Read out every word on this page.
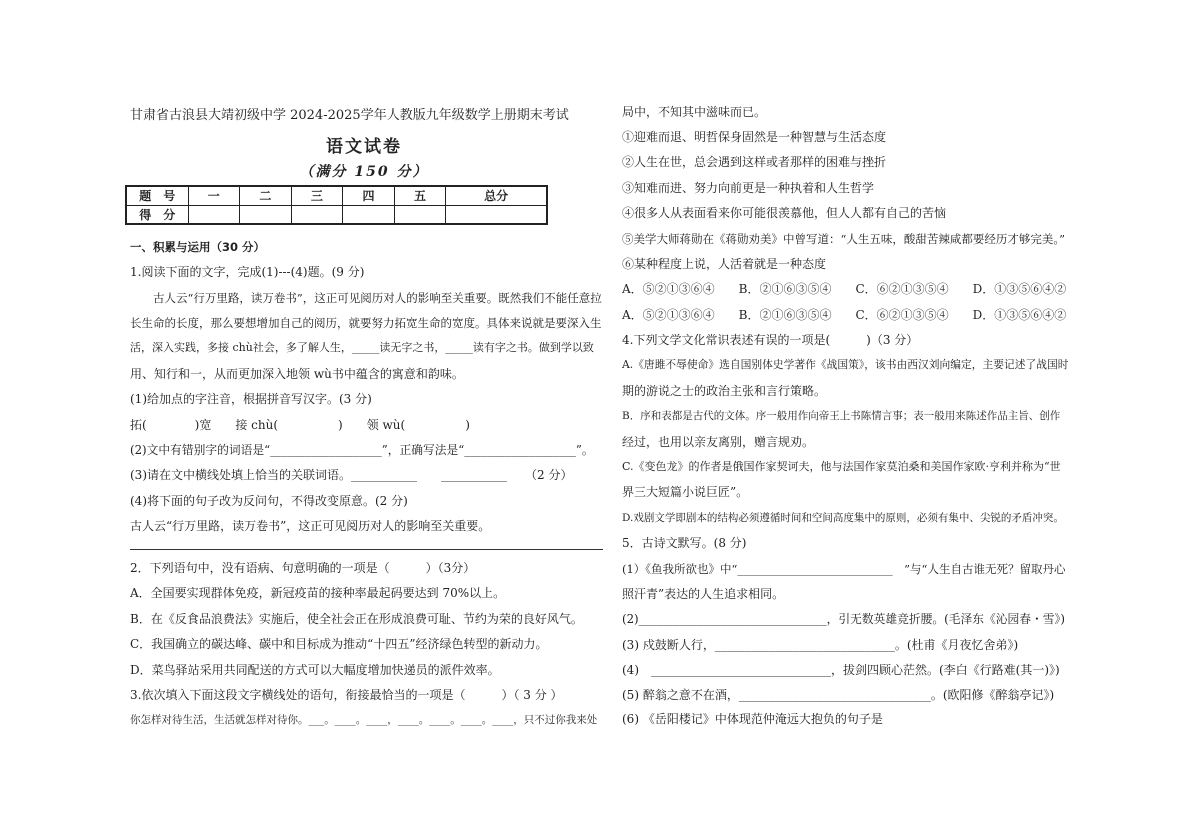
甘肃省古浪县大靖初级中学 2024-2025学年人教版九年级数学上册期末考试
语文试卷
（满分 150 分）
题　号	一	二	三	四	五	总分
得　分						
一、积累与运用（30 分）
1.阅读下面的文字，完成(1)---(4)题。(9 分)
　　古人云“行万里路，读万卷书”，这正可见阅历对人的影响至关重要。既然我们不能任意拉
长生命的长度，那么要想增加自己的阅历，就要努力拓宽生命的宽度。具体来说就是要深入生
活，深入实践，多接 chù社会，多了解人生，_____读无字之书，_____读有字之书。做到学以致
用、知行和一，从而更加深入地领 wù书中蕴含的寓意和韵味。
(1)给加点的字注音，根据拼音写汉字。(3 分)
拓(　　　　)宽　　接 chù(　　　　　)　　领 wù(　　　　　)
(2)文中有错别字的词语是“___________________”，正确写法是“___________________”。
(3)请在文中横线处填上恰当的关联词语。___________　　___________　　（2 分）
(4)将下面的句子改为反问句，不得改变原意。(2 分)
古人云“行万里路，读万卷书”，这正可见阅历对人的影响至关重要。
2．下列语句中，没有语病、句意明确的一项是（　　　）（3分）
A．全国要实现群体免疫，新冠疫苗的接种率最起码要达到 70%以上。
B．在《反食品浪费法》实施后，使全社会正在形成浪费可耻、节约为荣的良好风气。
C．我国确立的碳达峰、碳中和目标成为推动“十四五”经济绿色转型的新动力。
D．菜鸟驿站采用共同配送的方式可以大幅度增加快递员的派件效率。
3.依次填入下面这段文字横线处的语句，衔接最恰当的一项是（　　　）（ 3 分 ）
你怎样对待生活，生活就怎样对待你。___。____。____，____。____。____。____，只不过你我来处
局中，不知其中滋味而已。
①迎难而退、明哲保身固然是一种智慧与生活态度
②人生在世，总会遇到这样或者那样的困难与挫折
③知难而进、努力向前更是一种执着和人生哲学
④很多人从表面看来你可能很羡慕他，但人人都有自己的苦恼
⑤美学大师蒋勋在《蒋勋劝美》中曾写道：“人生五味，酸甜苦辣咸都要经历才够完美。”
⑥某种程度上说，人活着就是一种态度
A．⑤②①③⑥④　　B．②①⑥③⑤④　　C．⑥②①③⑤④　　D．①③⑤⑥④②
A．⑤②①③⑥④　　B．②①⑥③⑤④　　C．⑥②①③⑤④　　D．①③⑤⑥④②
4.下列文学文化常识表述有误的一项是(　　　)（3 分）
A.《唐雎不辱使命》选自国别体史学著作《战国策》，该书由西汉刘向编定，主要记述了战国时
期的游说之士的政治主张和言行策略。
B．序和表都是古代的文体。序一般用作向帝王上书陈情言事；表一般用来陈述作品主旨、创作
经过，也用以亲友离别，赠言规劝。
C.《变色龙》的作者是俄国作家契诃夫，他与法国作家莫泊桑和美国作家欧·亨利并称为“世
界三大短篇小说巨匠”。
D.戏剧文学即剧本的结构必须遵循时间和空间高度集中的原则，必须有集中、尖锐的矛盾冲突。
5．古诗文默写。(8 分)
(1）《鱼我所欲也》中“___________________________　”与“人生自古谁无死？留取丹心
照汗青”表达的人生追求相同。
(2)________________________________，引无数英雄竞折腰。(毛泽东《沁园春・雪》)
(3) 戍鼓断人行，______________________________。(杜甫《月夜忆舍弟》)
(4)　______________________________，拔剑四顾心茫然。(李白《行路难(其一)》)
(5) 醉翁之意不在酒，________________________________。(欧阳修《醉翁亭记》)
(6) 《岳阳楼记》中体现范仲淹远大抱负的句子是
